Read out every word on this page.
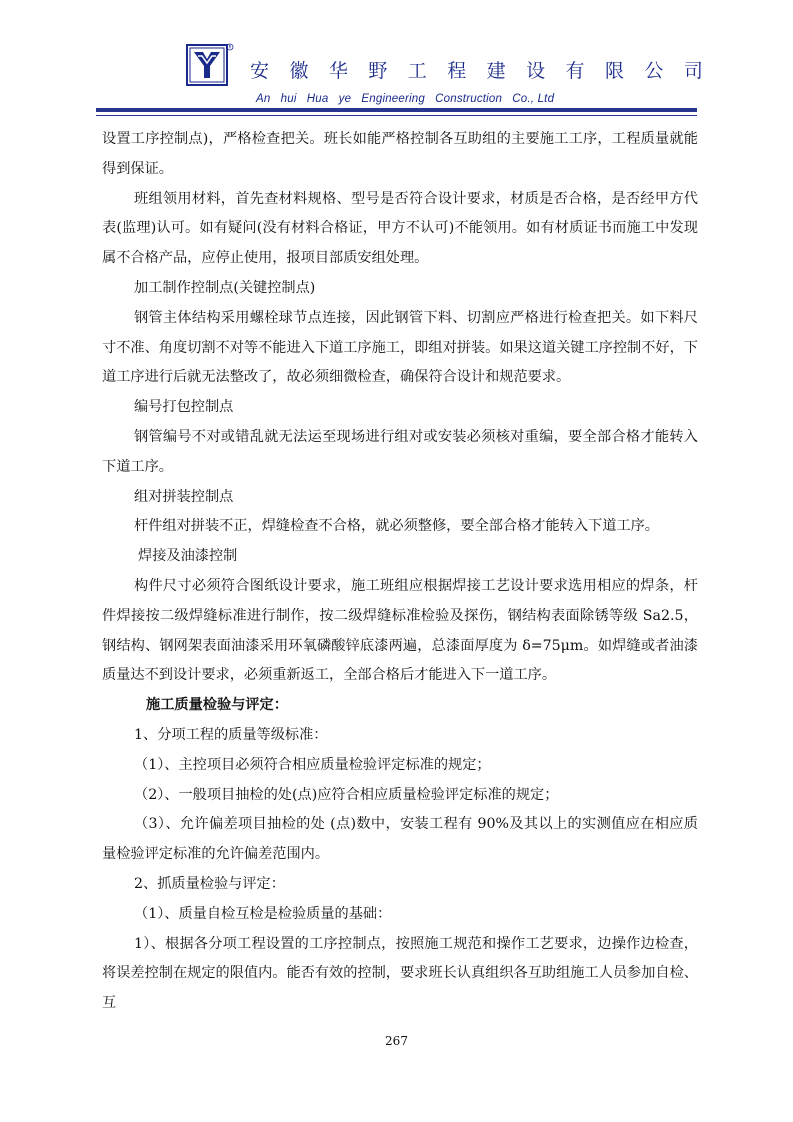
R
安 徽 华 野 工 程 建 设 有 限 公 司
An   hui   Hua   ye   Engineering   Construction   Co., Ltd

设置工序控制点)，严格检查把关。班长如能严格控制各互助组的主要施工工序，工程质量就能得到保证。

班组领用材料，首先查材料规格、型号是否符合设计要求，材质是否合格，是否经甲方代表(监理)认可。如有疑问(没有材料合格证，甲方不认可)不能领用。如有材质证书而施工中发现属不合格产品，应停止使用，报项目部质安组处理。

加工制作控制点(关键控制点)

钢管主体结构采用螺栓球节点连接，因此钢管下料、切割应严格进行检查把关。如下料尺寸不准、角度切割不对等不能进入下道工序施工，即组对拼装。如果这道关键工序控制不好，下道工序进行后就无法整改了，故必须细微检查，确保符合设计和规范要求。

编号打包控制点

钢管编号不对或错乱就无法运至现场进行组对或安装必须核对重编，要全部合格才能转入下道工序。

组对拼装控制点

杆件组对拼装不正，焊缝检查不合格，就必须整修，要全部合格才能转入下道工序。

焊接及油漆控制

构件尺寸必须符合图纸设计要求，施工班组应根据焊接工艺设计要求选用相应的焊条，杆件焊接按二级焊缝标准进行制作，按二级焊缝标准检验及探伤，钢结构表面除锈等级 Sa2.5，钢结构、钢网架表面油漆采用环氧磷酸锌底漆两遍，总漆面厚度为 δ=75μm。如焊缝或者油漆质量达不到设计要求，必须重新返工，全部合格后才能进入下一道工序。

施工质量检验与评定：

1、分项工程的质量等级标准：

（1）、主控项目必须符合相应质量检验评定标准的规定；

（2）、一般项目抽检的处(点)应符合相应质量检验评定标准的规定；

（3）、允许偏差项目抽检的处 (点)数中，安装工程有 90%及其以上的实测值应在相应质量检验评定标准的允许偏差范围内。

2、抓质量检验与评定：

（1）、质量自检互检是检验质量的基础：

1）、根据各分项工程设置的工序控制点，按照施工规范和操作工艺要求，边操作边检查，将误差控制在规定的限值内。能否有效的控制，要求班长认真组织各互助组施工人员参加自检、互

267
